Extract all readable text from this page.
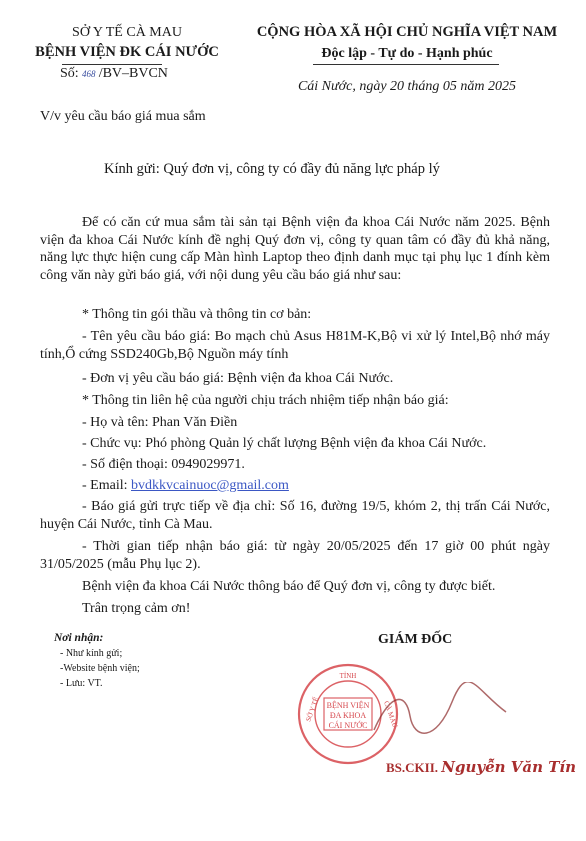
SỞ Y TẾ CÀ MAU
BỆNH VIỆN ĐK CÁI NƯỚC
Số: 468 /BV–BVCN
CỘNG HÒA XÃ HỘI CHỦ NGHĨA VIỆT NAM
Độc lập - Tự do - Hạnh phúc
Cái Nước, ngày 20 tháng 05 năm 2025
V/v yêu cầu báo giá mua sắm
Kính gửi: Quý đơn vị, công ty có đầy đủ năng lực pháp lý
Để có căn cứ mua sắm tài sản tại Bệnh viện đa khoa Cái Nước năm 2025. Bệnh viện đa khoa Cái Nước kính đề nghị Quý đơn vị, công ty quan tâm có đầy đủ khả năng, năng lực thực hiện cung cấp Màn hình Laptop theo định danh mục tại phụ lục 1 đính kèm công văn này gửi báo giá, với nội dung yêu cầu báo giá như sau:
* Thông tin gói thầu và thông tin cơ bản:
- Tên yêu cầu báo giá: Bo mạch chủ Asus H81M-K,Bộ vi xử lý Intel,Bộ nhớ máy tính,Ổ cứng SSD240Gb,Bộ Nguồn máy tính
- Đơn vị yêu cầu báo giá: Bệnh viện đa khoa Cái Nước.
* Thông tin liên hệ của người chịu trách nhiệm tiếp nhận báo giá:
- Họ và tên: Phan Văn Điền
- Chức vụ: Phó phòng Quản lý chất lượng Bệnh viện đa khoa Cái Nước.
- Số điện thoại: 0949029971.
- Email: bvdkkvcainuoc@gmail.com
- Báo giá gửi trực tiếp về địa chỉ: Số 16, đường 19/5, khóm 2, thị trấn Cái Nước, huyện Cái Nước, tỉnh Cà Mau.
- Thời gian tiếp nhận báo giá: từ ngày 20/05/2025 đến 17 giờ 00 phút ngày 31/05/2025 (mẫu Phụ lục 2).
Bệnh viện đa khoa Cái Nước thông báo để Quý đơn vị, công ty được biết.
Trân trọng cảm ơn!
Nơi nhận:
- Như kính gửi;
-Website bệnh viện;
- Lưu: VT.
GIÁM ĐỐC
TỈNH
BỆNH VIỆN
ĐA KHOA
CÁI NƯỚC
SỞ Y TẾ	CÀ MAU
BS.CKII. Nguyễn Văn Tín
